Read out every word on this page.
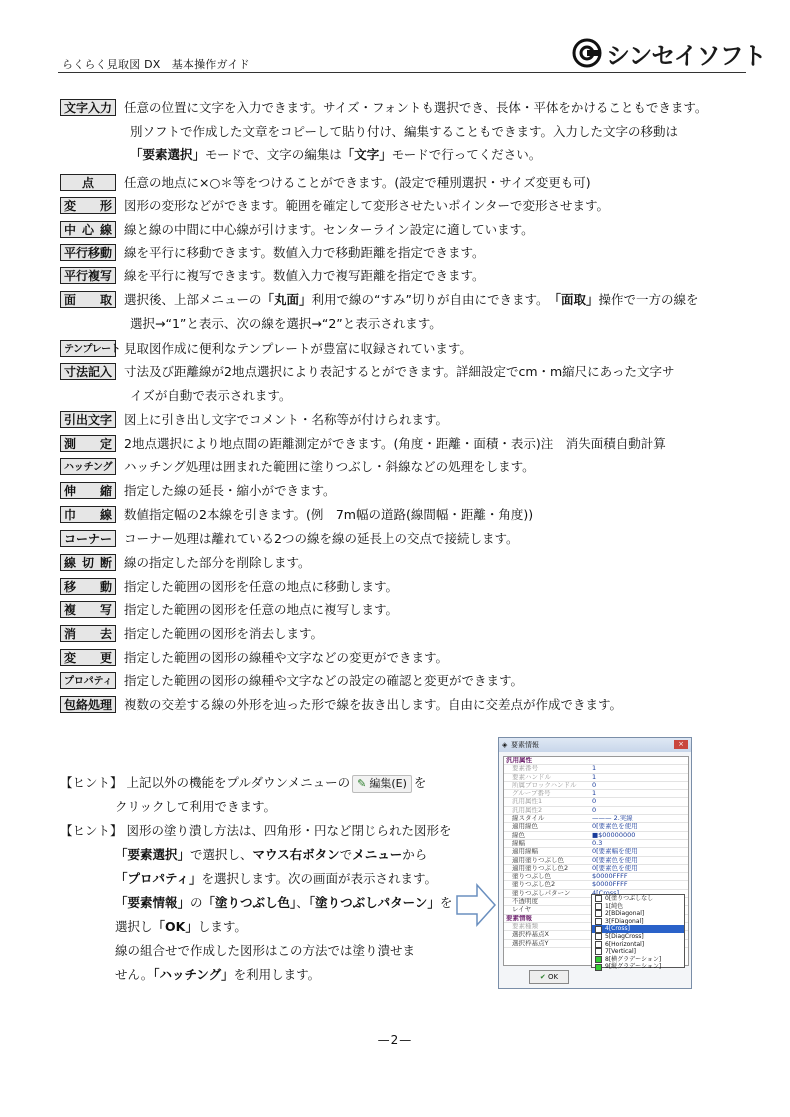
らくらく見取図 DX　基本操作ガイド	シンセイソフト
文字入力 任意の位置に文字を入力できます。サイズ・フォントも選択でき、長体・平体をかけることもできます。
別ソフトで作成した文章をコピーして貼り付け、編集することもできます。入力した文字の移動は
「要素選択」モードで、文字の編集は「文字」モードで行ってください。
点	任意の地点に×○＊等をつけることができます。(設定で種別選択・サイズ変更も可)
変　形 図形の変形などができます。範囲を確定して変形させたいポインターで変形させます。
中心線 線と線の中間に中心線が引けます。センターライン設定に適しています。
平行移動 線を平行に移動できます。数値入力で移動距離を指定できます。
平行複写 線を平行に複写できます。数値入力で複写距離を指定できます。
面　取 選択後、上部メニューの 「丸面」 利用で線の“すみ”切りが自由にできます。 「面取」 操作で一方の線を
選択→“1”と表示、次の線を選択→“2”と表示されます。
テンプレート 見取図作成に便利なテンプレートが豊富に収録されています。
寸法記入 寸法及び距離線が2地点選択により表記するとができます。詳細設定でcm・m縮尺にあった文字サ
イズが自動で表示されます。
引出文字 図上に引き出し文字でコメント・名称等が付けられます。
測　定 2地点選択により地点間の距離測定ができます。(角度・距離・面積・表示)注　消失面積自動計算
ハッチング ハッチング処理は囲まれた範囲に塗りつぶし・斜線などの処理をします。
伸　縮 指定した線の延長・縮小ができます。
巾　線 数値指定幅の2本線を引きます。(例　7m幅の道路(線間幅・距離・角度))
コーナー コーナー処理は離れている2つの線を線の延長上の交点で接続します。
線切断 線の指定した部分を削除します。
移　動 指定した範囲の図形を任意の地点に移動します。
複　写 指定した範囲の図形を任意の地点に複写します。
消　去 指定した範囲の図形を消去します。
変　更 指定した範囲の図形の線種や文字などの変更ができます。
プロパティ 指定した範囲の図形の線種や文字などの設定の確認と変更ができます。
包絡処理 複数の交差する線の外形を辿った形で線を抜き出します。自由に交差点が作成できます。
【ヒント】 上記以外の機能をプルダウンメニューの ✎ 編集(E) を
クリックして利用できます。
【ヒント】 図形の塗り潰し方法は、四角形・円など閉じられた図形を
「要素選択」で選択し、マウス右ボタンでメニューから
「プロパティ」を選択します。次の画面が表示されます。
「要素情報」の「塗りつぶし色」、「塗りつぶしパターン」を
選択し「OK」します。
線の組合せで作成した図形はこの方法では塗り潰せま
せん。「ハッチング」を利用します。
◈ 要素情報	×
汎用属性
要素番号	1
要素ハンドル	1
所属ブロックハンドル	0
グループ番号	1
汎用属性1	0
汎用属性2	0
線スタイル	——— 2.実線
適用線色	0[要素色を使用
線色	■$00000000
線幅	0.3
適用線幅	0[要素幅を使用
適用塗りつぶし色	0[要素色を使用
適用塗りつぶし色2	0[要素色を使用
塗りつぶし色	$0000FFFF
塗りつぶし色2	$0000FFFF
塗りつぶしパターン
不透明度
レイヤ
要素情報
要素種類
選択枠基点X
選択枠基点Y
0[塗りつぶしなし
1[純色
2[BDiagonal]
3[FDiagonal]
4[Cross]
5[DiagCross]
6[Horizontal]
7[Vertical]
8[横グラデーション]
9[縦グラデーション]
✔ OK
—2—
